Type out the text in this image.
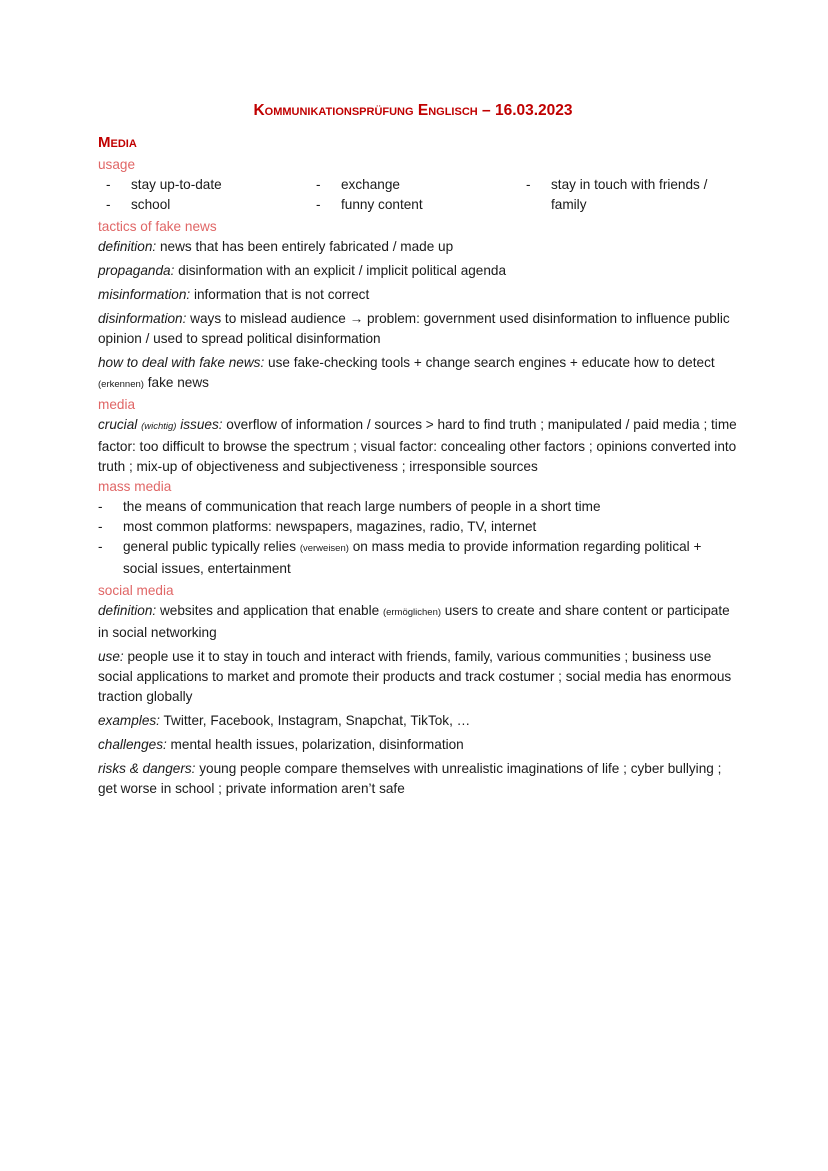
Kommunikationsprüfung Englisch – 16.03.2023
Media
usage
- stay up-to-date
- school
- exchange
- funny content
- stay in touch with friends / family
tactics of fake news

definition: news that has been entirely fabricated / made up

propaganda: disinformation with an explicit / implicit political agenda

misinformation: information that is not correct

disinformation: ways to mislead audience → problem: government used disinformation to influence public opinion / used to spread political disinformation

how to deal with fake news: use fake-checking tools + change search engines + educate how to detect (erkennen) fake news

media

crucial (wichtig) issues: overflow of information / sources > hard to find truth ; manipulated / paid media ; time factor: too difficult to browse the spectrum ; visual factor: concealing other factors ; opinions converted into truth ; mix-up of objectiveness and subjectiveness ; irresponsible sources

mass media
- the means of communication that reach large numbers of people in a short time
- most common platforms: newspapers, magazines, radio, TV, internet
- general public typically relies (verweisen) on mass media to provide information regarding political + social issues, entertainment
social media

definition: websites and application that enable (ermöglichen) users to create and share content or participate in social networking

use: people use it to stay in touch and interact with friends, family, various communities ; business use social applications to market and promote their products and track costumer ; social media has enormous traction globally

examples: Twitter, Facebook, Instagram, Snapchat, TikTok, …

challenges: mental health issues, polarization, disinformation

risks & dangers: young people compare themselves with unrealistic imaginations of life ; cyber bullying ; get worse in school ; private information aren’t safe
